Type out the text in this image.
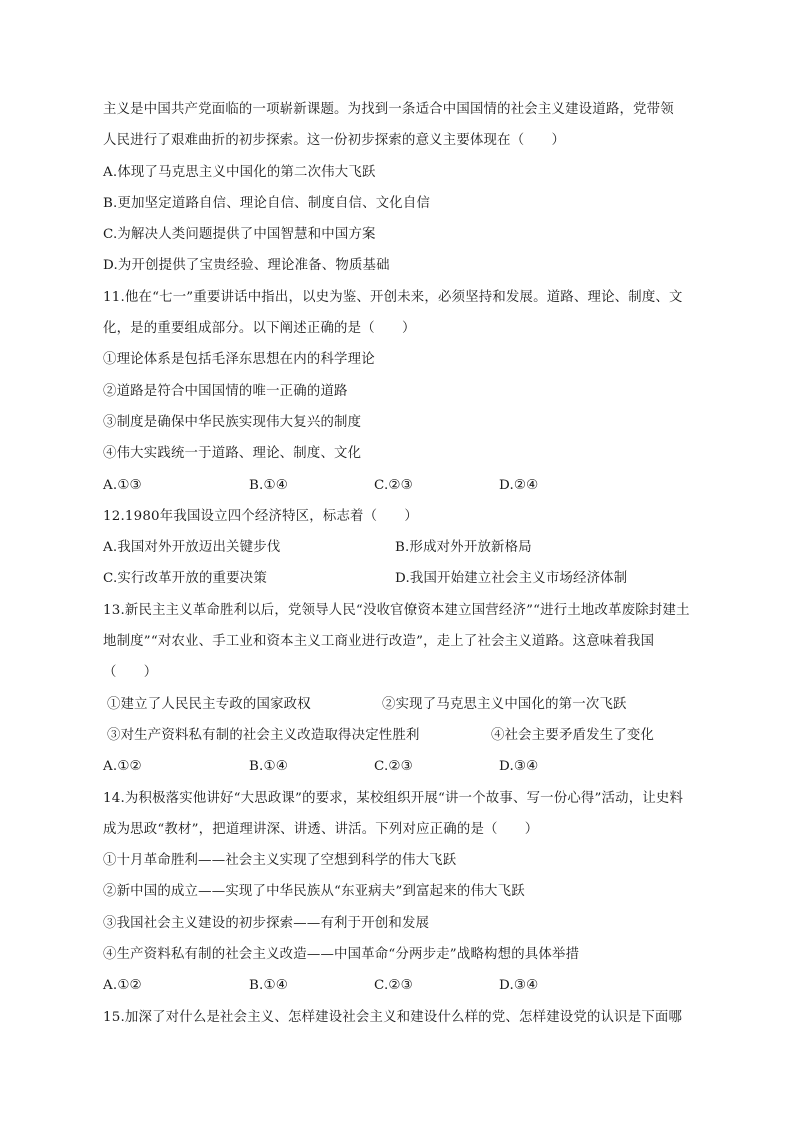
主义是中国共产党面临的一项崭新课题。为找到一条适合中国国情的社会主义建设道路，党带领
人民进行了艰难曲折的初步探索。这一份初步探索的意义主要体现在（　　）
A.体现了马克思主义中国化的第二次伟大飞跃
B.更加坚定道路自信、理论自信、制度自信、文化自信
C.为解决人类问题提供了中国智慧和中国方案
D.为开创提供了宝贵经验、理论准备、物质基础
11.他在“七一”重要讲话中指出，以史为鉴、开创未来，必须坚持和发展。道路、理论、制度、文
化，是的重要组成部分。以下阐述正确的是（　　）
①理论体系是包括毛泽东思想在内的科学理论
②道路是符合中国国情的唯一正确的道路
③制度是确保中华民族实现伟大复兴的制度
④伟大实践统一于道路、理论、制度、文化
A.①③	B.①④	C.②③	D.②④
12.1980年我国设立四个经济特区，标志着（　　）
A.我国对外开放迈出关键步伐	B.形成对外开放新格局
C.实行改革开放的重要决策	D.我国开始建立社会主义市场经济体制
13.新民主主义革命胜利以后，党领导人民“没收官僚资本建立国营经济”“进行土地改革废除封建土
地制度”“对农业、手工业和资本主义工商业进行改造”，走上了社会主义道路。这意味着我国
（　　）
①建立了人民民主专政的国家政权	②实现了马克思主义中国化的第一次飞跃
③对生产资料私有制的社会主义改造取得决定性胜利	④社会主要矛盾发生了变化
A.①②	B.①④	C.②③	D.③④
14.为积极落实他讲好“大思政课”的要求，某校组织开展“讲一个故事、写一份心得”活动，让史料
成为思政“教材”，把道理讲深、讲透、讲活。下列对应正确的是（　　）
①十月革命胜利——社会主义实现了空想到科学的伟大飞跃
②新中国的成立——实现了中华民族从“东亚病夫”到富起来的伟大飞跃
③我国社会主义建设的初步探索——有利于开创和发展
④生产资料私有制的社会主义改造——中国革命“分两步走”战略构想的具体举措
A.①②	B.①④	C.②③	D.③④
15.加深了对什么是社会主义、怎样建设社会主义和建设什么样的党、怎样建设党的认识是下面哪
